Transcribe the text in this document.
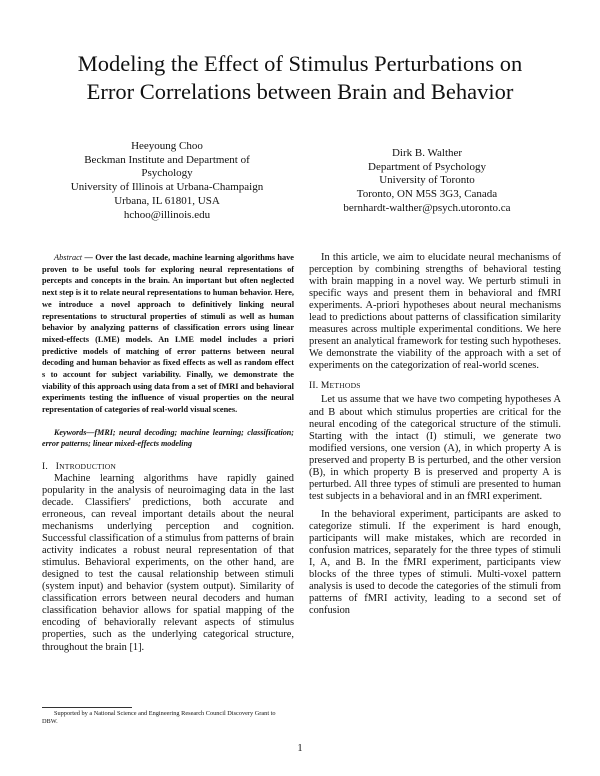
Modeling the Effect of Stimulus Perturbations on
Error Correlations between Brain and Behavior
Heeyoung Choo
Beckman Institute and Department of
Psychology
University of Illinois at Urbana-Champaign
Urbana, IL 61801, USA
hchoo@illinois.edu
Dirk B. Walther
Department of Psychology
University of Toronto
Toronto, ON M5S 3G3, Canada
bernhardt-walther@psych.utoronto.ca

Abstract — Over the last decade, machine learning algorithms have proven to be useful tools for exploring neural representations of percepts and concepts in the brain. An important but often neglected next step is it to relate neural representations to human behavior. Here, we introduce a novel approach to definitively linking neural representations to structural properties of stimuli as well as human behavior by analyzing patterns of classification errors using linear mixed-effects (LME) models. An LME model includes a priori predictive models of matching of error patterns between neural decoding and human behavior as fixed effects as well as random effect s to account for subject variability. Finally, we demonstrate the viability of this approach using data from a set of fMRI and behavioral experiments testing the influence of visual properties on the neural representation of categories of real-world visual scenes.

Keywords—fMRI; neural decoding; machine learning; classification; error patterns; linear mixed-effects modeling

I. INTRODUCTION

Machine learning algorithms have rapidly gained popularity in the analysis of neuroimaging data in the last decade. Classifiers' predictions, both accurate and erroneous, can reveal important details about the neural mechanisms underlying perception and cognition. Successful classification of a stimulus from patterns of brain activity indicates a robust neural representation of that stimulus. Behavioral experiments, on the other hand, are designed to test the causal relationship between stimuli (system input) and behavior (system output). Similarity of classification errors between neural decoders and human classification behavior allows for spatial mapping of the encoding of behaviorally relevant aspects of stimulus properties, such as the underlying categorical structure, throughout the brain [1].

In this article, we aim to elucidate neural mechanisms of perception by combining strengths of behavioral testing with brain mapping in a novel way. We perturb stimuli in specific ways and present them in behavioral and fMRI experiments. A-priori hypotheses about neural mechanisms lead to predictions about patterns of classification similarity measures across multiple experimental conditions. We here present an analytical framework for testing such hypotheses. We demonstrate the viability of the approach with a set of experiments on the categorization of real-world scenes.

II. METHODS

Let us assume that we have two competing hypotheses A and B about which stimulus properties are critical for the neural encoding of the categorical structure of the stimuli. Starting with the intact (I) stimuli, we generate two modified versions, one version (A), in which property A is preserved and property B is perturbed, and the other version (B), in which property B is preserved and property A is perturbed. All three types of stimuli are presented to human test subjects in a behavioral and in an fMRI experiment.

In the behavioral experiment, participants are asked to categorize stimuli. If the experiment is hard enough, participants will make mistakes, which are recorded in confusion matrices, separately for the three types of stimuli I, A, and B. In the fMRI experiment, participants view blocks of the three types of stimuli. Multi-voxel pattern analysis is used to decode the categories of the stimuli from patterns of fMRI activity, leading to a second set of confusion

Supported by a National Science and Engineering Research Council Discovery Grant to DBW.

1
